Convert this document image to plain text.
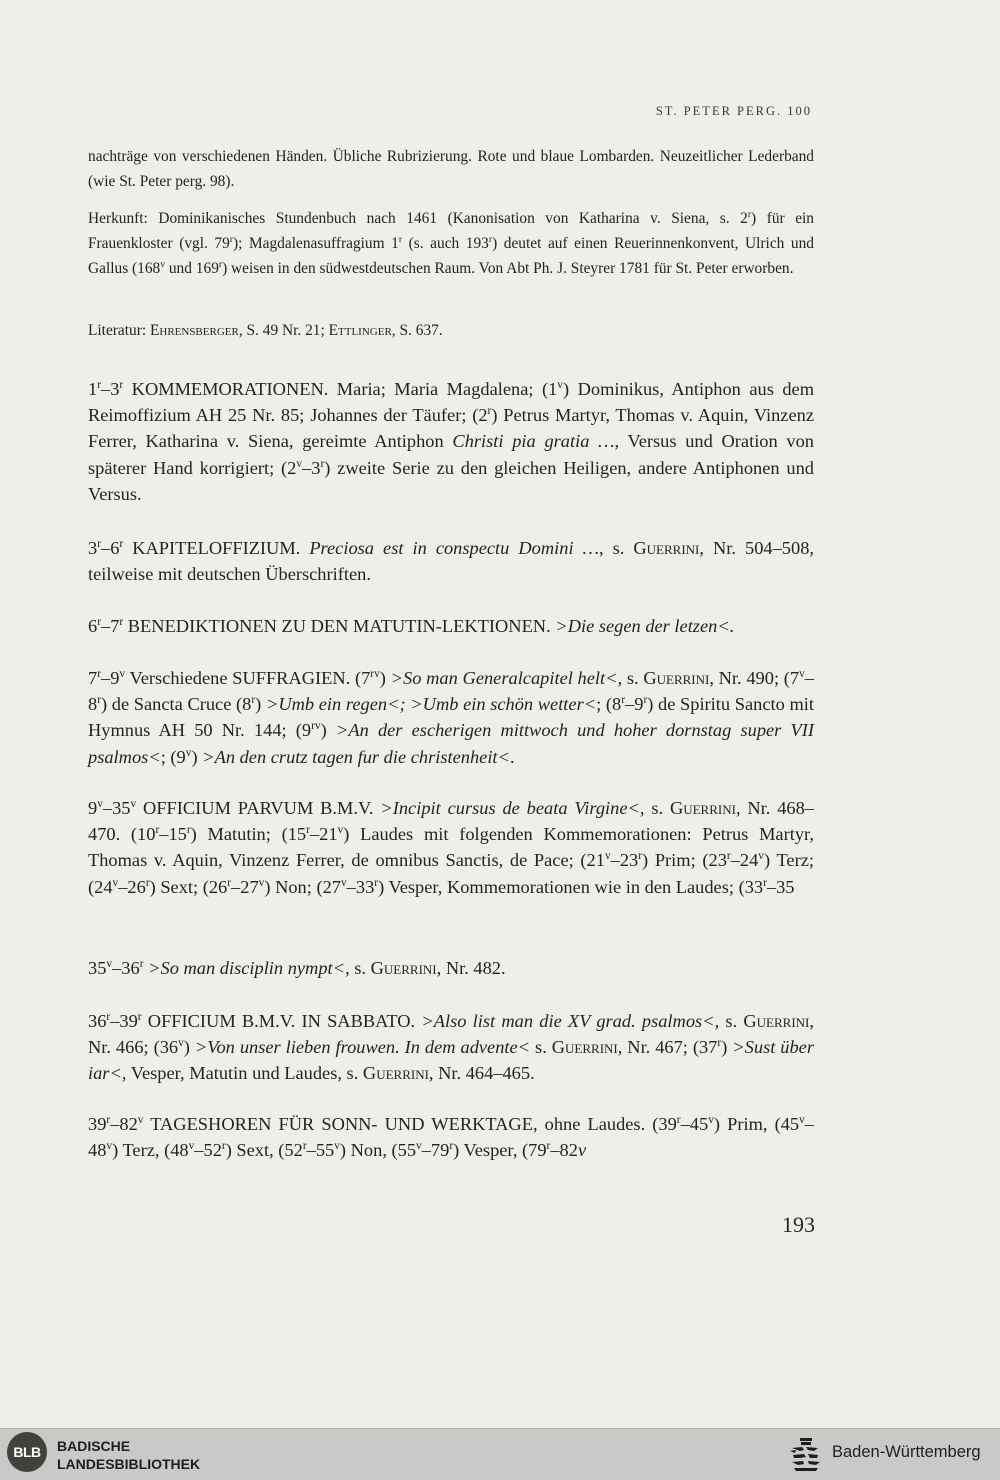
ST. PETER PERG. 100

nachträge von verschiedenen Händen. Übliche Rubrizierung. Rote und blaue Lombarden. Neuzeitlicher Lederband (wie St. Peter perg. 98).

Herkunft: Dominikanisches Stundenbuch nach 1461 (Kanonisation von Katharina v. Siena, s. 2$^r$) für ein Frauenkloster (vgl. 79$^r$); Magdalenasuffragium 1$^r$ (s. auch 193$^r$) deutet auf einen Reuerinnenkonvent, Ulrich und Gallus (168$^v$ und 169$^r$) weisen in den südwestdeutschen Raum. Von Abt Ph. J. Steyrer 1781 für St. Peter erworben.

Literatur: Ehrensberger, S. 49 Nr. 21; Ettlinger, S. 637.

1$^r$–3$^r$ KOMMEMORATIONEN. Maria; Maria Magdalena; (1$^v$) Dominikus, Antiphon aus dem Reimoffizium AH 25 Nr. 85; Johannes der Täufer; (2$^r$) Petrus Martyr, Thomas v. Aquin, Vinzenz Ferrer, Katharina v. Siena, gereimte Antiphon Christi pia gratia …, Versus und Oration von späterer Hand korrigiert; (2$^v$–3$^r$) zweite Serie zu den gleichen Heiligen, andere Antiphonen und Versus.

3$^r$–6$^r$ KAPITELOFFIZIUM. Preciosa est in conspectu Domini …, s. Guerrini, Nr. 504–508, teilweise mit deutschen Überschriften.

6$^r$–7$^r$ BENEDIKTIONEN ZU DEN MATUTIN-LEKTIONEN. >Die segen der letzen<.

7$^r$–9$^v$ Verschiedene SUFFRAGIEN. $(7^{rv}) >So$ man Generalcapitel helt<, s. Guerrini, Nr. 490; (7$^v$–8$^r$) de Sancta Cruce $(8^r) >Umb$ ein regen<; >Umb ein schön wetter<; (8$^r$–9$^r$) de Spiritu Sancto mit Hymnus AH 50 Nr. 144; $(9^{rv}) >An$ der escherigen mittwoch und hoher dornstag super VII psalmos<; $(9^v) >An$ den crutz tagen fur die christenheit<.

9$^v$–35$^v$ OFFICIUM PARVUM B.M.V. >Incipit cursus de beata Virgine<, s. Guerrini, Nr. 468–470. (10$^r$–15$^r$) Matutin; (15$^r$–21$^v$) Laudes mit folgenden Kommemorationen: Petrus Martyr, Thomas v. Aquin, Vinzenz Ferrer, de omnibus Sanctis, de Pace; (21$^v$–23$^r$) Prim; (23$^r$–24$^v$) Terz; (24$^v$–26$^r$) Sext; (26$^r$–27$^v$) Non; (27$^v$–33$^r$) Vesper, Kommemorationen wie in den Laudes; (33$^r$–35

$35^v-36^r >So$ man disciplin nympt<, s. Guerrini, Nr. 482.

36$^r$–39$^r$ OFFICIUM B.M.V. IN SABBATO. >Also list man die XV grad. psalmos<, s. Guerrini, Nr. 466; $(36^v) >Von$ unser lieben frouwen. In dem advente< s. Guerrini, Nr. 467; $(37^r)$ >Sust über iar<, Vesper, Matutin und Laudes, s. Guerrini, Nr. 464–465.

39$^r$–82$^v$ TAGESHOREN FÜR SONN- UND WERKTAGE, ohne Laudes. (39$^r$–45$^v$) Prim, (45$^v$–48$^v$) Terz, (48$^v$–52$^r$) Sext, (52$^r$–55$^v$) Non, (55$^v$–79$^r$) Vesper, (79$^r$–82v

193
BLB	BADISCHE
LANDESBIBLIOTHEK
Baden-Württemberg
